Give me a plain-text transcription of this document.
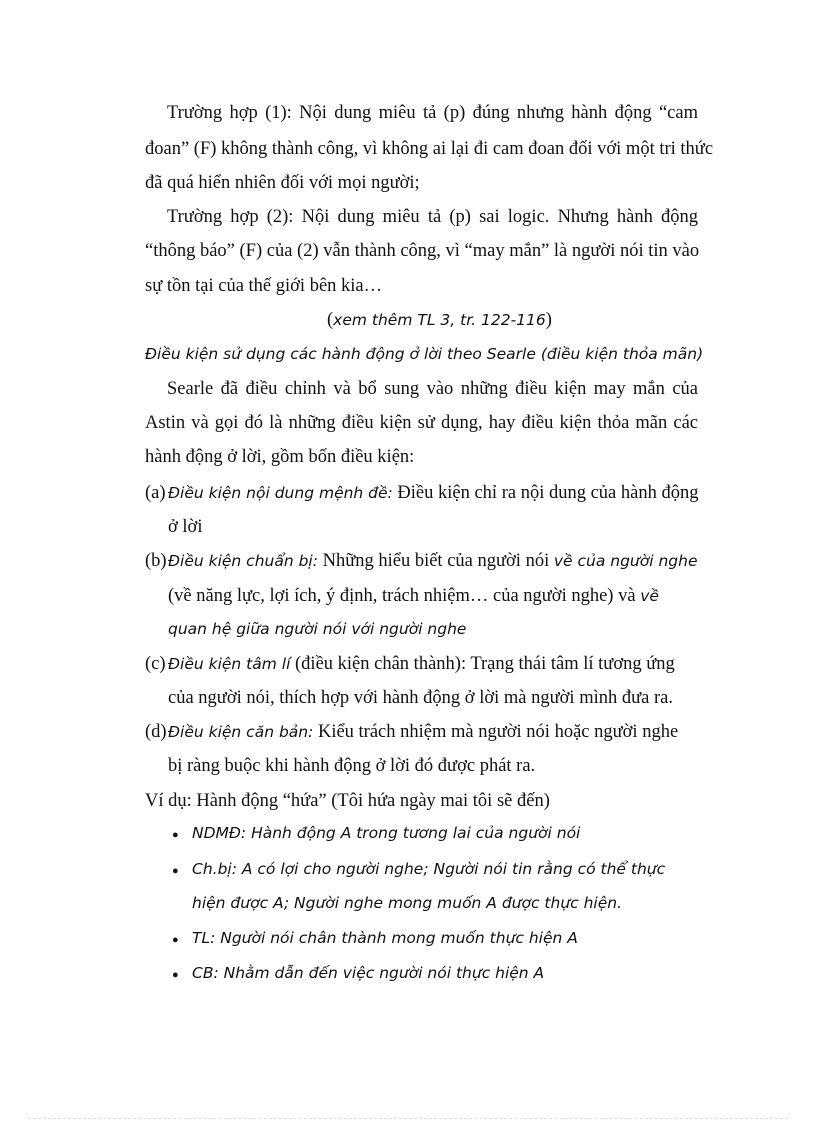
Trường hợp (1): Nội dung miêu tả (p) đúng nhưng hành động “cam
đoan” (F) không thành công, vì không ai lại đi cam đoan đối với một tri thức
đã quá hiển nhiên đối với mọi người;
Trường hợp (2): Nội dung miêu tả (p) sai logic. Nhưng hành động
“thông báo” (F) của (2) vẫn thành công, vì “may mắn” là người nói tin vào
sự tồn tại của thế giới bên kia…
(xem thêm TL 3, tr. 122-116)
Điều kiện sử dụng các hành động ở lời theo Searle (điều kiện thỏa mãn)
Searle đã điều chỉnh và bổ sung vào những điều kiện may mắn của
Astin và gọi đó là những điều kiện sử dụng, hay điều kiện thỏa mãn các
hành động ở lời, gồm bốn điều kiện:
(a) Điều kiện nội dung mệnh đề: Điều kiện chỉ ra nội dung của hành động
ở lời
(b) Điều kiện chuẩn bị: Những hiểu biết của người nói về của người nghe
(về năng lực, lợi ích, ý định, trách nhiệm… của người nghe) và về
quan hệ giữa người nói với người nghe
(c) Điều kiện tâm lí (điều kiện chân thành): Trạng thái tâm lí tương ứng
của người nói, thích hợp với hành động ở lời mà người mình đưa ra.
(d) Điều kiện căn bản: Kiểu trách nhiệm mà người nói hoặc người nghe
bị ràng buộc khi hành động ở lời đó được phát ra.
Ví dụ: Hành động “hứa” (Tôi hứa ngày mai tôi sẽ đến)
● NDMĐ: Hành động A trong tương lai của người nói
● Ch.bị: A có lợi cho người nghe; Người nói tin rằng có thể thực
hiện được A; Người nghe mong muốn A được thực hiện.
● TL: Người nói chân thành mong muốn thực hiện A
● CB: Nhằm dẫn đến việc người nói thực hiện A
